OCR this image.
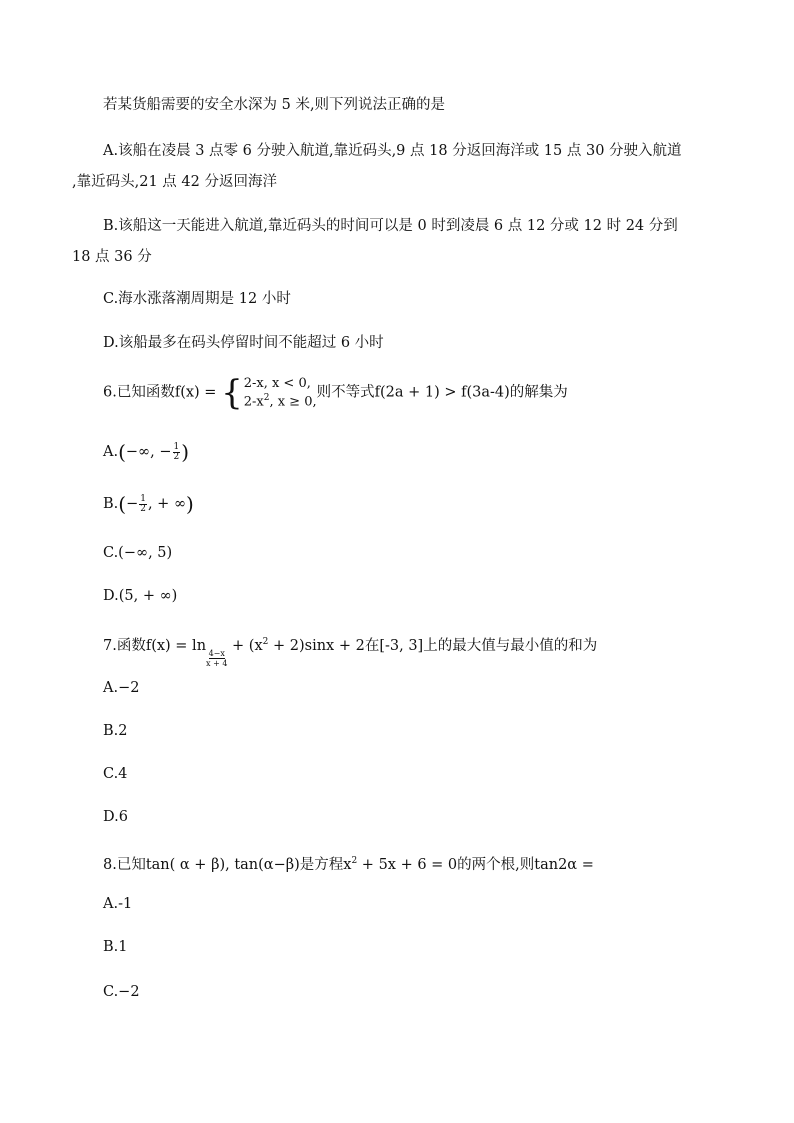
若某货船需要的安全水深为 5 米,则下列说法正确的是
A.该船在凌晨 3 点零 6 分驶入航道,靠近码头,9 点 18 分返回海洋或 15 点 30 分驶入航道
,靠近码头,21 点 42 分返回海洋
B.该船这一天能进入航道,靠近码头的时间可以是 0 时到凌晨 6 点 12 分或 12 时 24 分到
18 点 36 分
C.海水涨落潮周期是 12 小时
D.该船最多在码头停留时间不能超过 6 小时
6.已知函数f(x) = { 2-x, x < 0,
$2-x^2$, x ≥ 0,
则不等式f(2a + 1) > f(3a-4)的解集为
A.(−∞, − $\frac{1}{2}$ )
$B.(- \frac{1}{2}$ , + ∞)
C.(−∞, 5)
D.(5, + ∞)
7.函数f(x) = ln
$\frac{4-x}{x + 4}$
+ $(x^2 + 2)\sin x + 2$在[-3, 3]上的最大值与最小值的和为
A.−2
B.2
C.4
D.6
8.已知tan( α + β), tan(α−β)是方程$x^2 + 5x + 6 = 0$的两个根,则tan2α =
A.-1
B.1
C.−2
